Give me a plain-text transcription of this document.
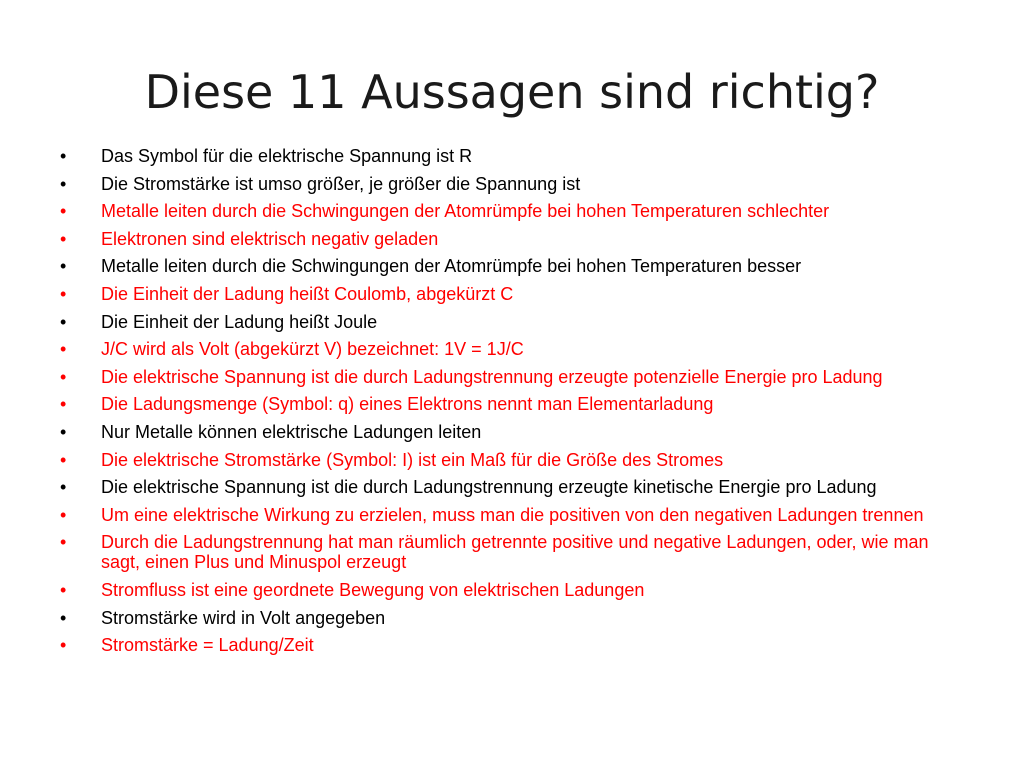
Diese 11 Aussagen sind richtig?
•	Das Symbol für die elektrische Spannung ist R
•	Die Stromstärke ist umso größer, je größer die Spannung ist
•	Metalle leiten durch die Schwingungen der Atomrümpfe bei hohen Temperaturen schlechter
•	Elektronen sind elektrisch negativ geladen
•	Metalle leiten durch die Schwingungen der Atomrümpfe bei hohen Temperaturen besser
•	Die Einheit der Ladung heißt Coulomb, abgekürzt C
•	Die Einheit der Ladung heißt Joule
•	J/C wird als Volt (abgekürzt V) bezeichnet: 1V = 1J/C
•	Die elektrische Spannung ist die durch Ladungstrennung erzeugte potenzielle Energie pro Ladung
•	Die Ladungsmenge (Symbol: q) eines Elektrons nennt man Elementarladung
•	Nur Metalle können elektrische Ladungen leiten
•	Die elektrische Stromstärke (Symbol: I) ist ein Maß für die Größe des Stromes
•	Die elektrische Spannung ist die durch Ladungstrennung erzeugte kinetische Energie pro Ladung
•	Um eine elektrische Wirkung zu erzielen, muss man die positiven von den negativen Ladungen trennen
•	Durch die Ladungstrennung hat man räumlich getrennte positive und negative Ladungen, oder, wie man sagt, einen Plus und Minuspol erzeugt
•	Stromfluss ist eine geordnete Bewegung von elektrischen Ladungen
•	Stromstärke wird in Volt angegeben
•	Stromstärke = Ladung/Zeit
